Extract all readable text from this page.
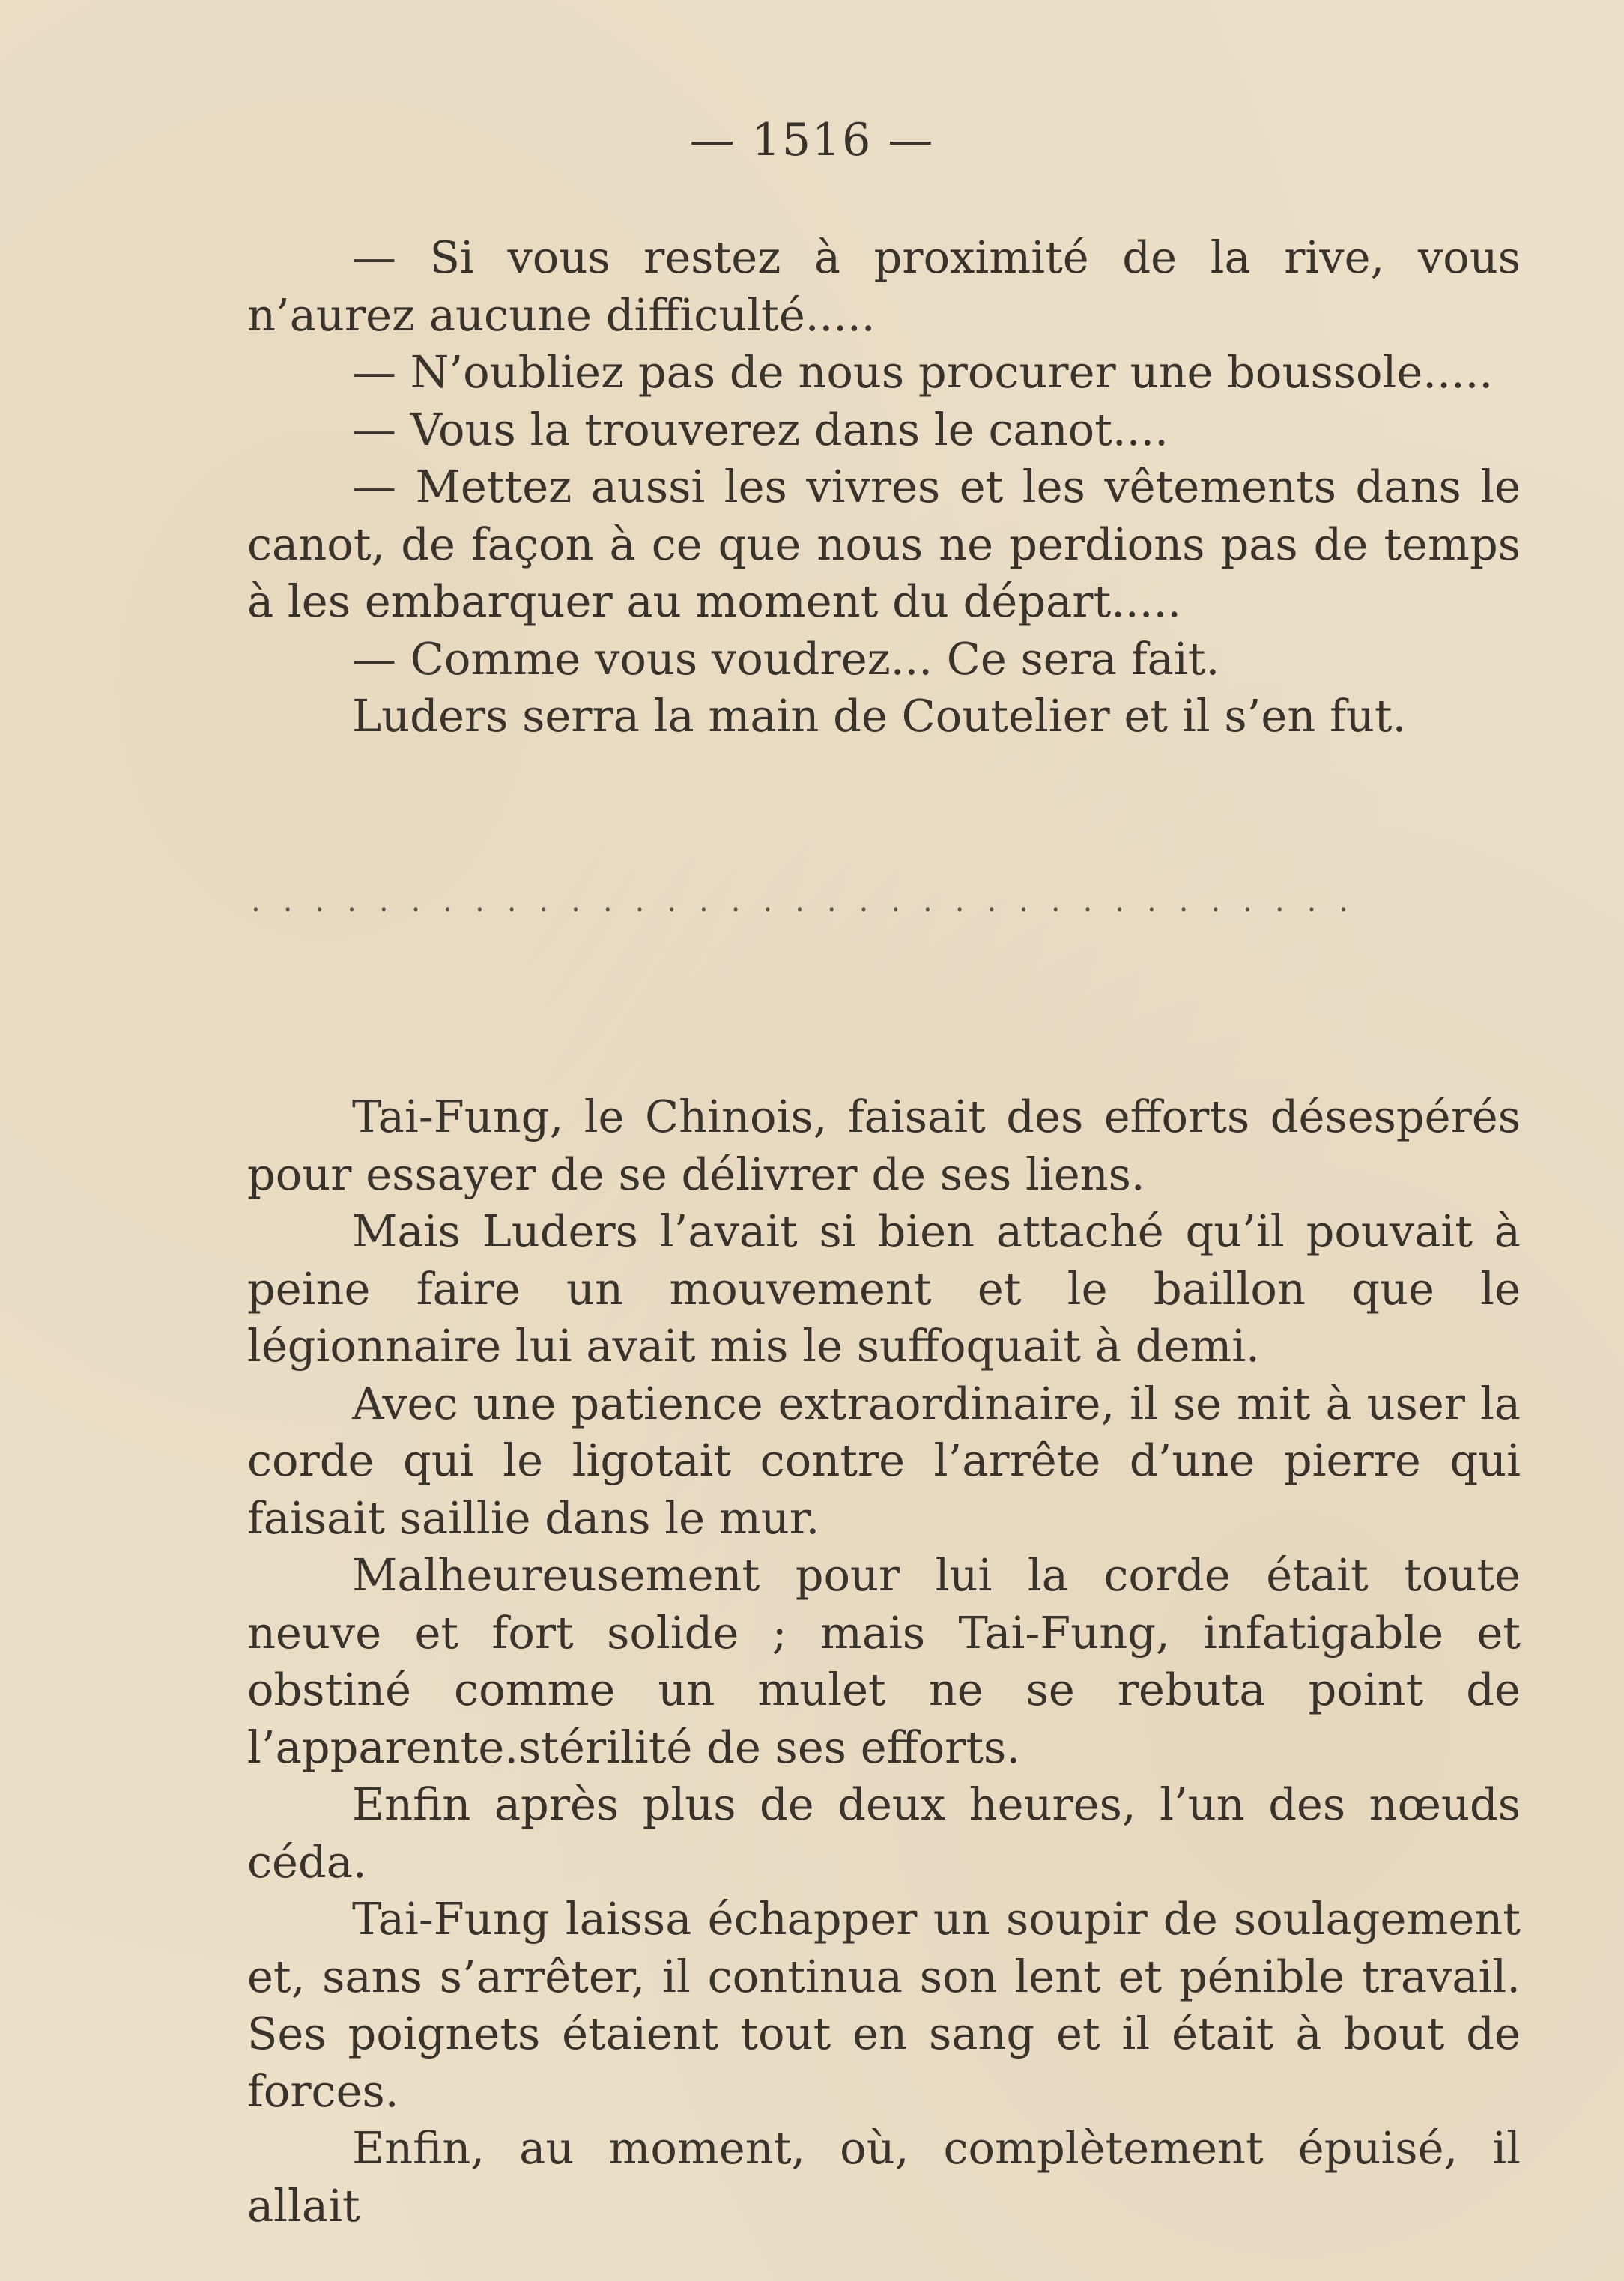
— 1516 —

— Si vous restez à proximité de la rive, vous n’aurez aucune difficulté.....

— N’oubliez pas de nous procurer une boussole.....

— Vous la trouverez dans le canot....

— Mettez aussi les vivres et les vêtements dans le canot, de façon à ce que nous ne perdions pas de temps à les embarquer au moment du départ.....

— Comme vous voudrez... Ce sera fait.

Luders serra la main de Coutelier et il s’en fut.

...................................

Tai-Fung, le Chinois, faisait des efforts désespérés pour essayer de se délivrer de ses liens.

Mais Luders l’avait si bien attaché qu’il pouvait à peine faire un mouvement et le baillon que le légionnaire lui avait mis le suffoquait à demi.

Avec une patience extraordinaire, il se mit à user la corde qui le ligotait contre l’arrête d’une pierre qui faisait saillie dans le mur.

Malheureusement pour lui la corde était toute neuve et fort solide ; mais Tai-Fung, infatigable et obstiné comme un mulet ne se rebuta point de l’apparente.stérilité de ses efforts.

Enfin après plus de deux heures, l’un des nœuds céda.

Tai-Fung laissa échapper un soupir de soulagement et, sans s’arrêter, il continua son lent et pénible travail. Ses poignets étaient tout en sang et il était à bout de forces.

Enfin, au moment, où, complètement épuisé, il allait
